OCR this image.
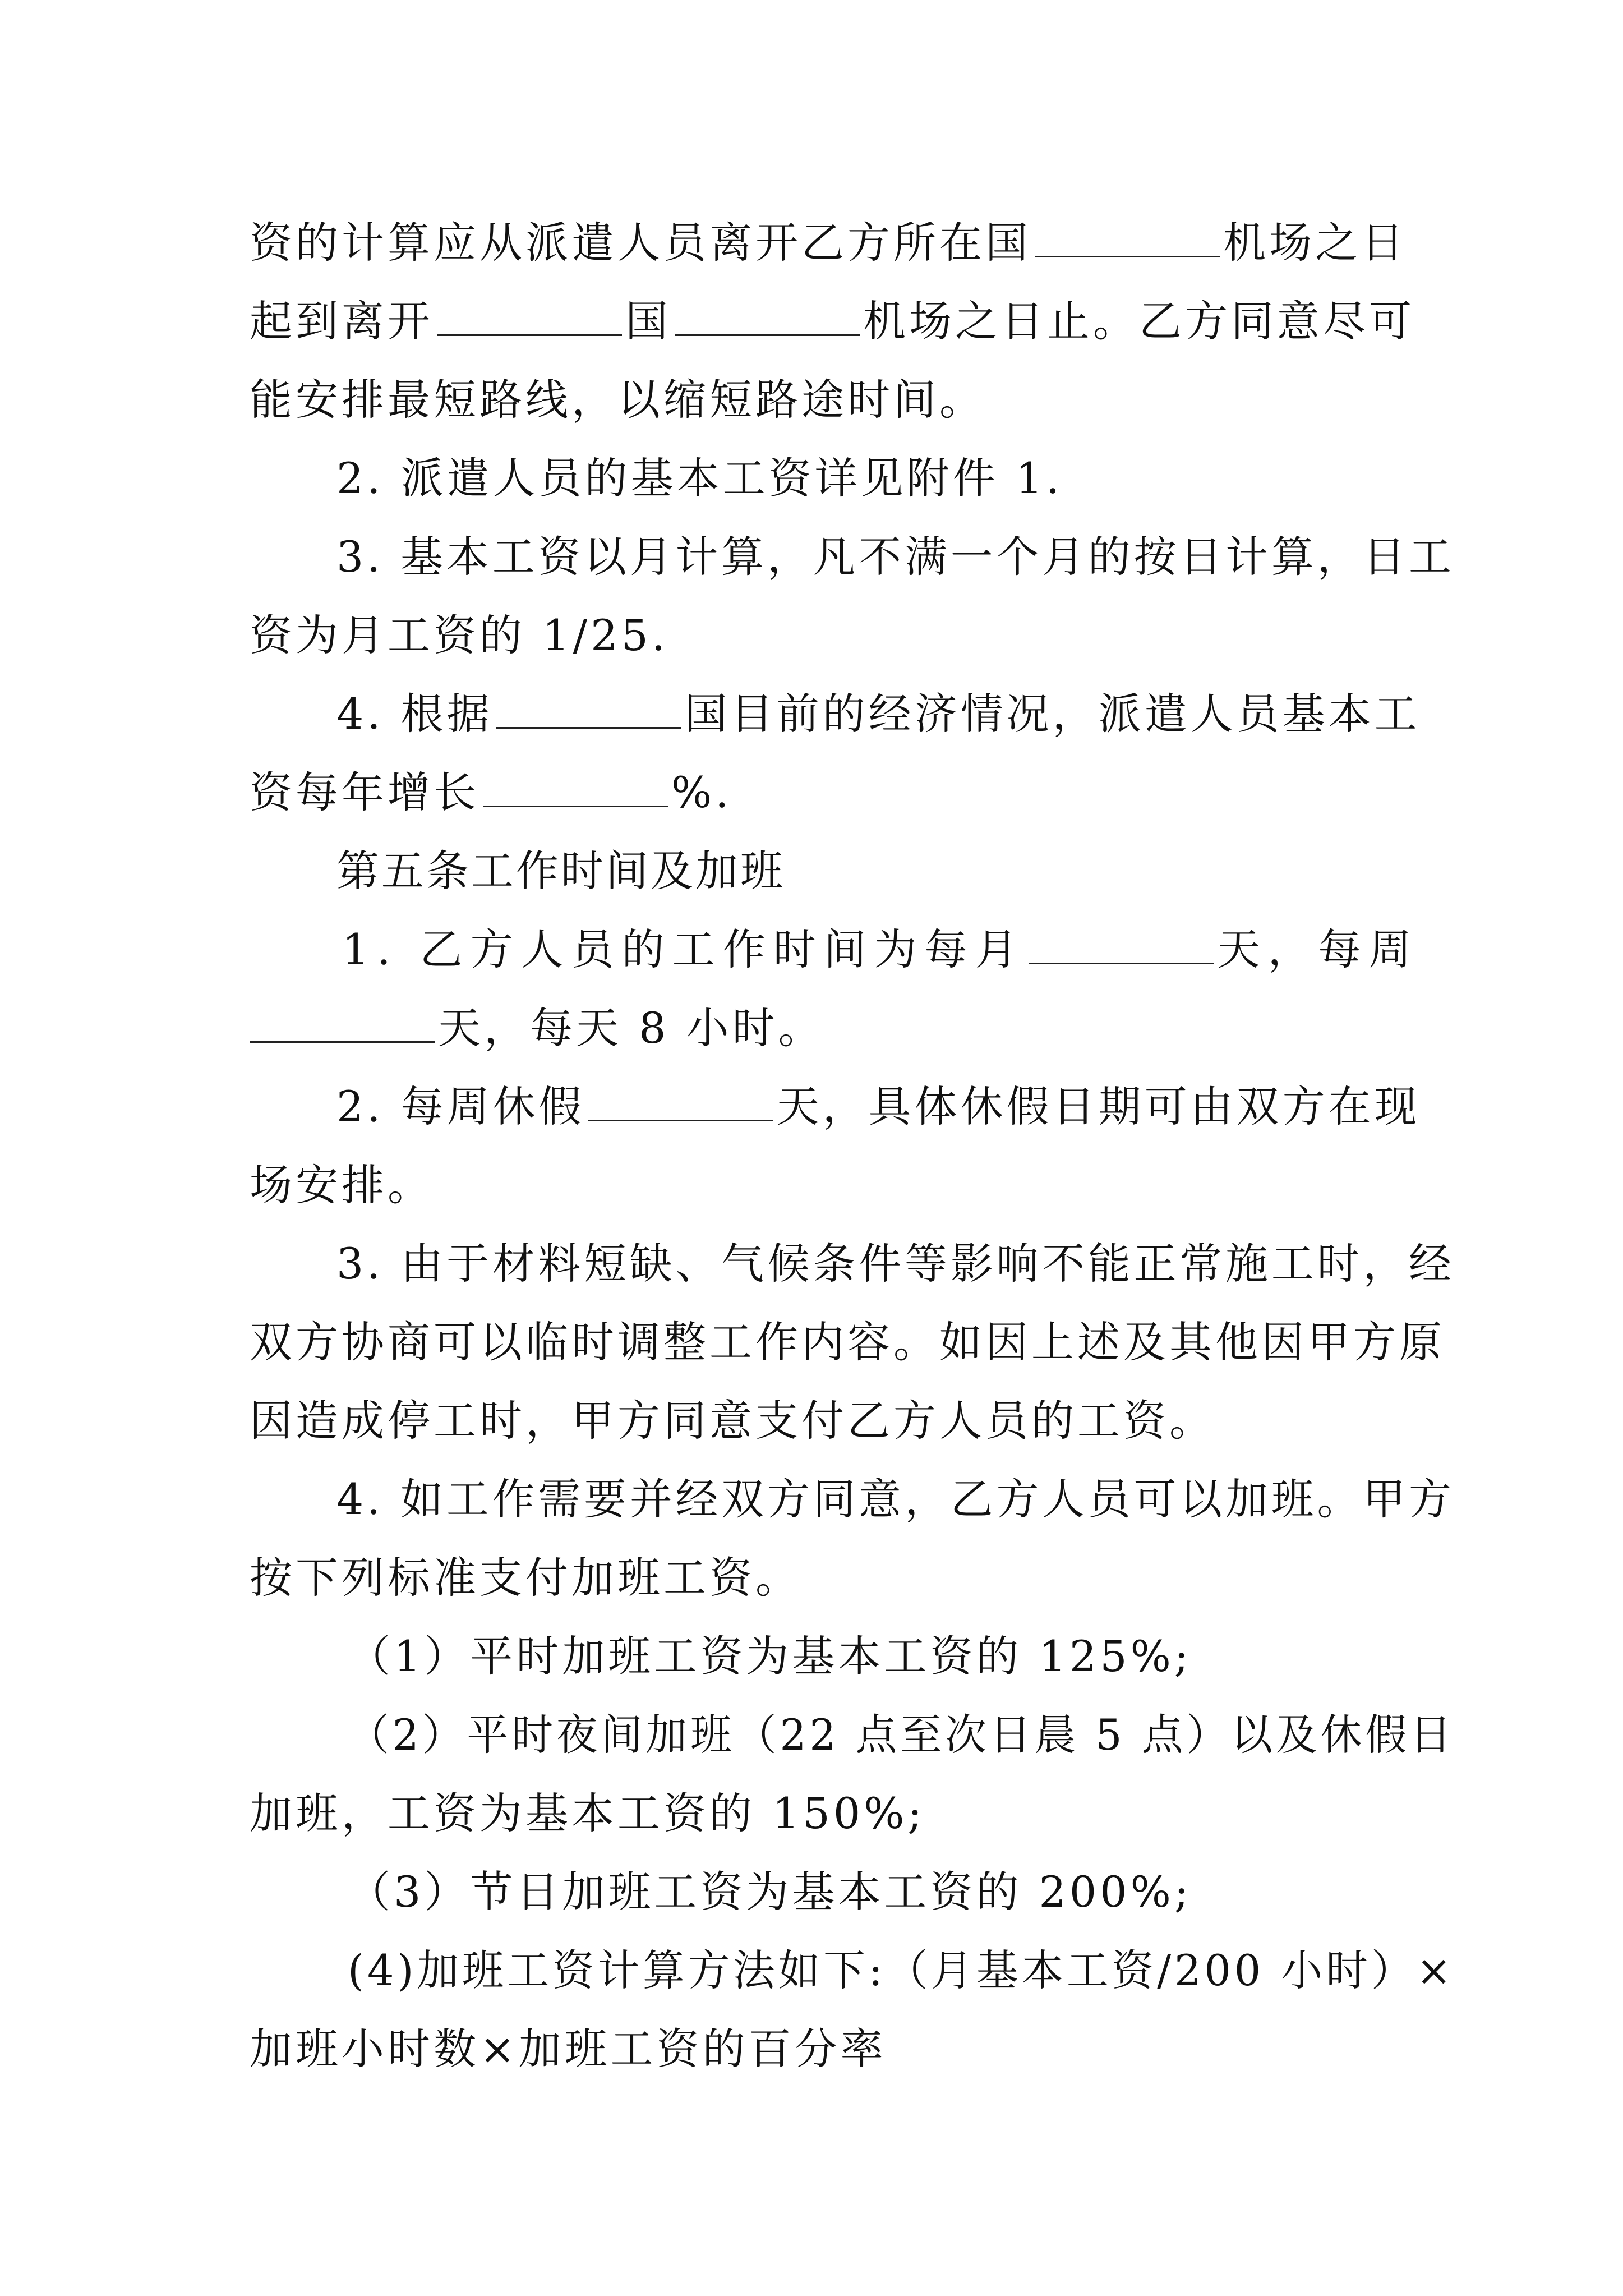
资的计算应从派遣人员离开乙方所在国	机场之日
起到离开	国	机场之日止。乙方同意尽可
能安排最短路线，以缩短路途时间。
2. 派遣人员的基本工资详见附件 1.
3. 基本工资以月计算，凡不满一个月的按日计算，日工
资为月工资的 1/25.
4. 根据	国目前的经济情况，派遣人员基本工
资每年增长	%.
第五条工作时间及加班
1. 乙方人员的工作时间为每月	天，每周
天，每天 8 小时。
2. 每周休假	天，具体休假日期可由双方在现
场安排。
3. 由于材料短缺、气候条件等影响不能正常施工时，经
双方协商可以临时调整工作内容。如因上述及其他因甲方原
因造成停工时，甲方同意支付乙方人员的工资。
4. 如工作需要并经双方同意，乙方人员可以加班。甲方
按下列标准支付加班工资。
（1）平时加班工资为基本工资的 125%;
（2）平时夜间加班（22 点至次日晨 5 点）以及休假日
加班，工资为基本工资的 150%;
（3）节日加班工资为基本工资的 200%;
(4)加班工资计算方法如下:（月基本工资/200 小时）×
加班小时数×加班工资的百分率
